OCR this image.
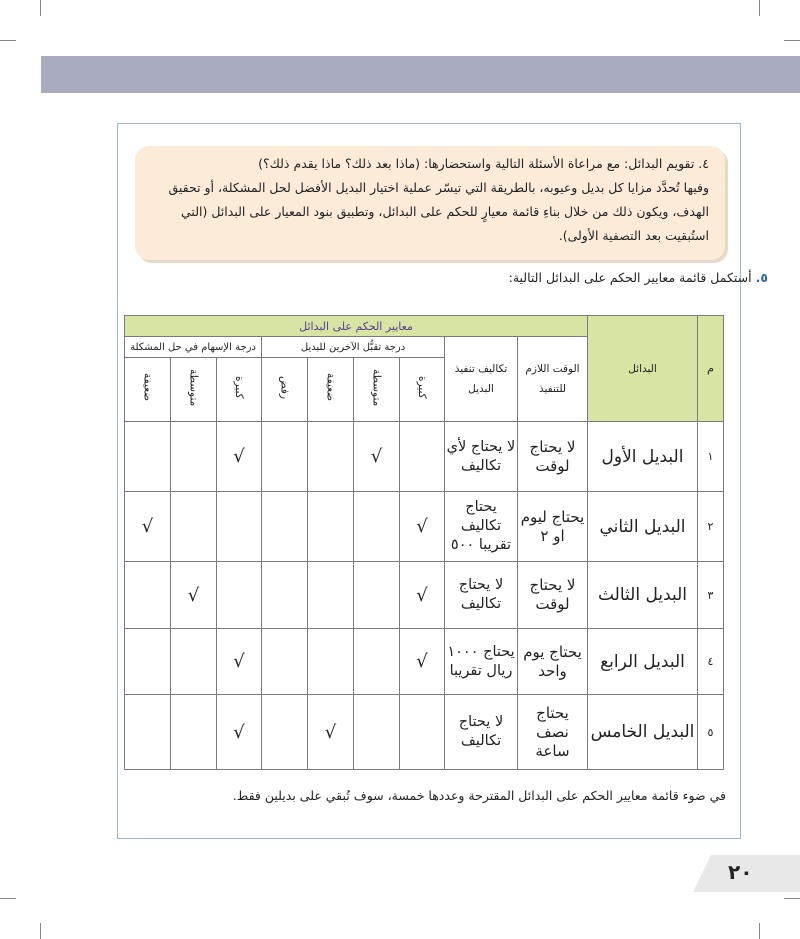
٤. تقويم البدائل: مع مراعاة الأسئلة التالية واستحضارها: (ماذا بعد ذلك؟ ماذا يقدم ذلك؟)
وفيها تُحدَّد مزايا كل بديل وعيوبه، بالطريقة التي تيسّر عملية اختيار البديل الأفضل لحل المشكلة، أو تحقيق
الهدف، ويكون ذلك من خلال بناءِ قائمة معيارٍ للحكم على البدائل، وتطبيق بنود المعيار على البدائل (التي
استُبقيت بعد التصفية الأولى).

٥. أستكمل قائمة معايير الحكم على البدائل التالية:
م	البدائل	معايير الحكم على البدائل								
		الوقت اللازم للتنفيذ	تكاليف تنفيذ البديل	درجة تقبُّل الآخرين للبديل				درجة الإسهام في حل المشكلة		
				كبيرة	متوسطة	ضعيفة	رفض	كبيرة	متوسطة	ضعيفة
١	البديل الأول	لا يحتاج لوقت	لا يحتاج لأي تكاليف		√			√		
٢	البديل الثاني	يحتاج ليوم او ٢	يحتاج تكاليف تقريبا ٥٠٠	√						√
٣	البديل الثالث	لا يحتاج لوقت	لا يحتاج تكاليف	√					√	
٤	البديل الرابع	يحتاج يوم واحد	يحتاج ١٠٠٠ ريال تقريبا	√				√		
٥	البديل الخامس	يحتاج نصف ساعة	لا يحتاج تكاليف			√		√		
في ضوء قائمة معايير الحكم على البدائل المقترحة وعددها خمسة، سوف تُبقي على بديلين فقط.
٢٠
